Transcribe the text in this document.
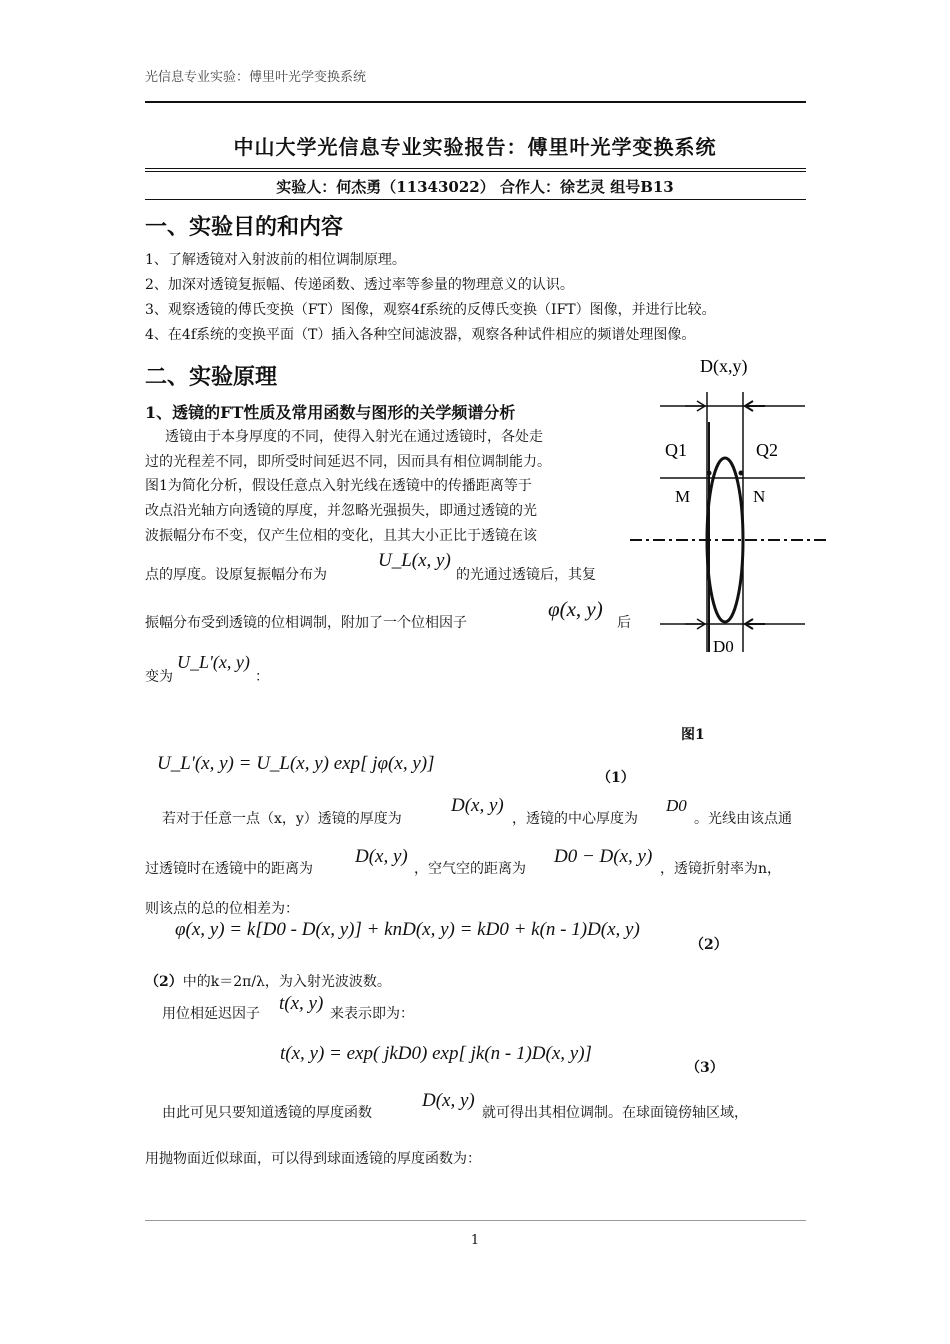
光信息专业实验：傅里叶光学变换系统
中山大学光信息专业实验报告：傅里叶光学变换系统
实验人：何杰勇（11343022） 合作人：徐艺灵 组号B13
一、实验目的和内容
1、了解透镜对入射波前的相位调制原理。
2、加深对透镜复振幅、传递函数、透过率等参量的物理意义的认识。
3、观察透镜的傅氏变换（FT）图像，观察4f系统的反傅氏变换（IFT）图像，并进行比较。
4、在4f系统的变换平面（T）插入各种空间滤波器，观察各种试件相应的频谱处理图像。
二、实验原理
1、透镜的FT性质及常用函数与图形的关学频谱分析
透镜由于本身厚度的不同，使得入射光在通过透镜时，各处走
过的光程差不同，即所受时间延迟不同，因而具有相位调制能力。
图1为简化分析，假设任意点入射光线在透镜中的传播距离等于
改点沿光轴方向透镜的厚度，并忽略光强损失，即通过透镜的光
波振幅分布不变，仅产生位相的变化，且其大小正比于透镜在该
点的厚度。设原复振幅分布为
U_L(x, y)
的光通过透镜后，其复
振幅分布受到透镜的位相调制，附加了一个位相因子
φ(x, y)
后
变为
U_L'(x, y)
：
D(x,y)
Q1	Q2
M	N
D0
图1
U_L'(x, y) = U_L(x, y) exp[ jφ(x, y)]
（1）
若对于任意一点（x，y）透镜的厚度为
D(x, y)
，透镜的中心厚度为
D0
。光线由该点通
过透镜时在透镜中的距离为
D(x, y)
，空气空的距离为
D0 − D(x, y)
，透镜折射率为n，
则该点的总的位相差为：
φ(x, y) = k[D0 - D(x, y)] + knD(x, y) = kD0 + k(n - 1)D(x, y)
（2）
（2）中的k＝2π/λ，为入射光波波数。
用位相延迟因子 t(x, y) 来表示即为：
t(x, y) = exp( jkD0) exp[ jk(n - 1)D(x, y)]
（3）
由此可见只要知道透镜的厚度函数
D(x, y)
就可得出其相位调制。在球面镜傍轴区域，
用抛物面近似球面，可以得到球面透镜的厚度函数为：
1
